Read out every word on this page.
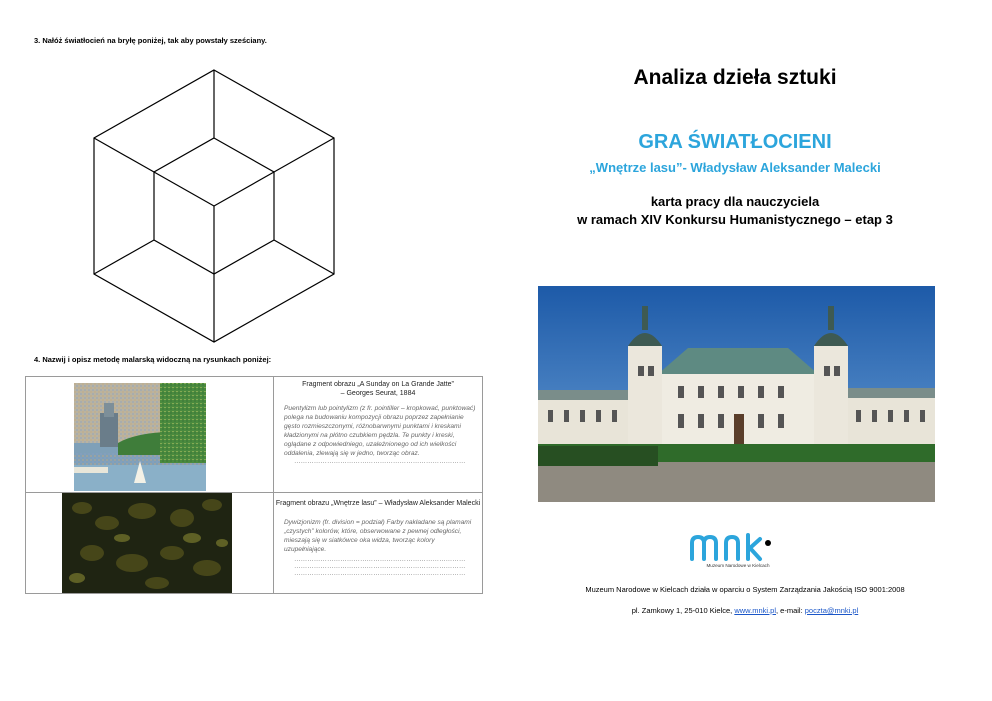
3. Nałóż światłocień na bryłę poniżej, tak aby powstały sześciany.
4. Nazwij i opisz metodę malarską widoczną na rysunkach poniżej:
Fragment obrazu „A Sunday on La Grande Jatte”
– Georges Seurat, 1884
Puentylizm lub pointylizm (z fr. pointiller – kropkować, punktować) polega na budowaniu kompozycji obrazu poprzez zapełnianie gęsto rozmieszczonymi, różnobarwnymi punktami i kreskami kładzionymi na płótno czubkiem pędzla. Te punkty i kreski, oglądane z odpowiedniego, uzależnionego od ich wielkości oddalenia, zlewają się w jedno, tworząc obraz.
……………………………………………………………………
Fragment obrazu „Wnętrze lasu” – Władysław Aleksander Malecki
Dywizjonizm (fr. division = podział) Farby nakładane są plamami „czystych” kolorów, które, obserwowane z pewnej odległości, mieszają się w siatkówce oka widza, tworząc kolory uzupełniające.
……………………………………………………………………
……………………………………………………………………
……………………………………………………………………
Analiza dzieła sztuki
GRA ŚWIATŁOCIENI
„Wnętrze lasu”- Władysław Aleksander Malecki
karta pracy dla nauczyciela
w ramach XIV Konkursu Humanistycznego – etap 3
Muzeum Narodowe w Kielcach
Muzeum Narodowe w Kielcach działa w oparciu o System Zarządzania Jakością ISO 9001:2008
pl. Zamkowy 1, 25-010 Kielce, www.mnki.pl, e-mail: poczta@mnki.pl
